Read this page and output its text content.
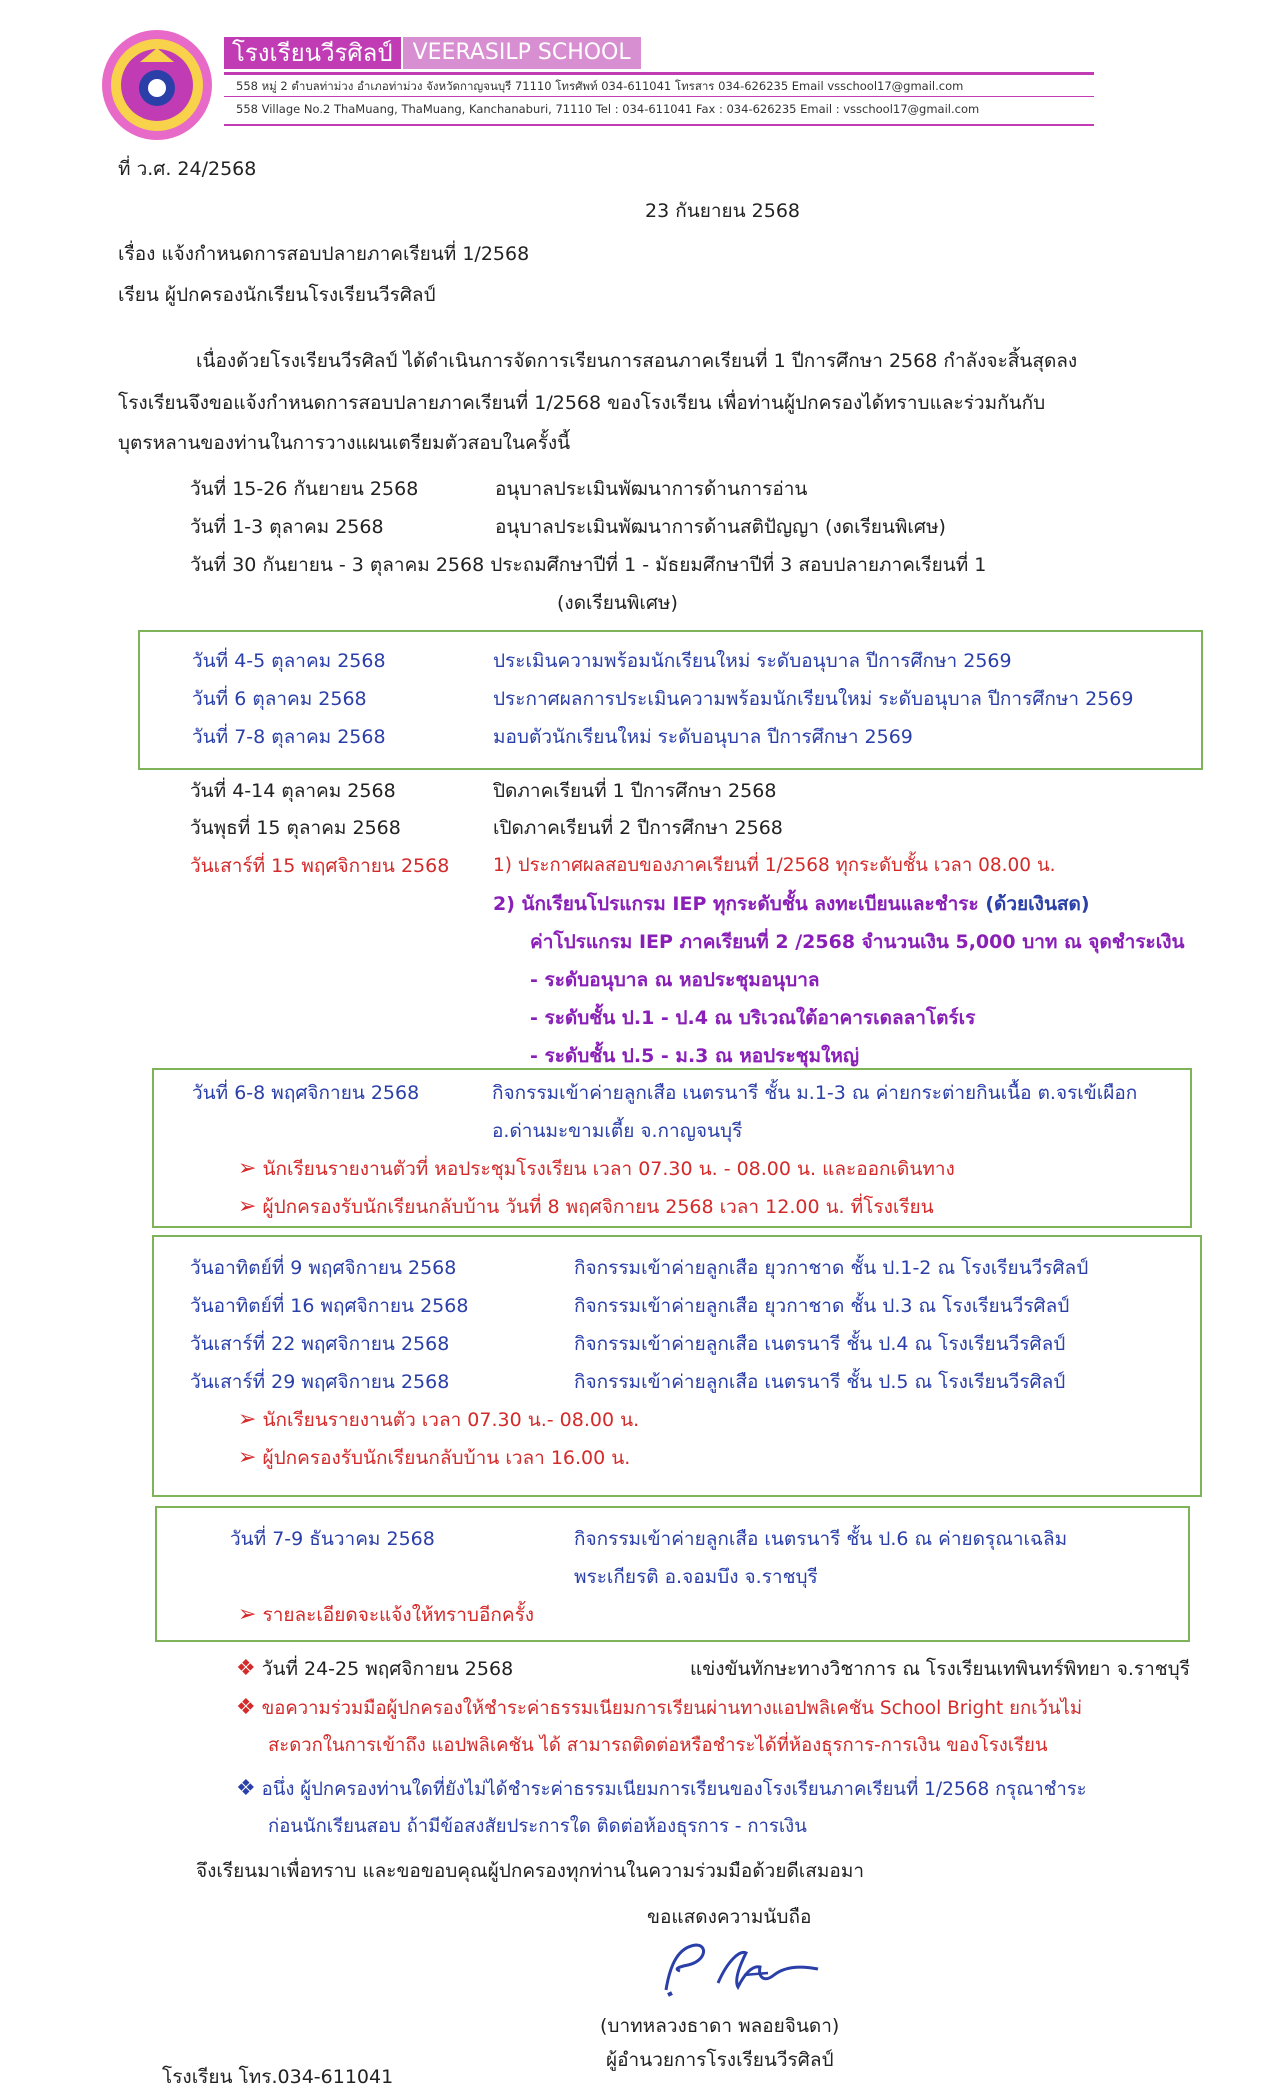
โรงเรียนวีรศิลป์ VEERASILP SCHOOL
558 หมู่ 2 ตำบลท่าม่วง อำเภอท่าม่วง จังหวัดกาญจนบุรี 71110 โทรศัพท์ 034-611041 โทรสาร 034-626235 Email vsschool17@gmail.com
558 Village No.2 ThaMuang, ThaMuang, Kanchanaburi, 71110 Tel : 034-611041 Fax : 034-626235 Email : vsschool17@gmail.com
ที่ ว.ศ. 24/2568
23 กันยายน 2568
เรื่อง แจ้งกำหนดการสอบปลายภาคเรียนที่ 1/2568
เรียน ผู้ปกครองนักเรียนโรงเรียนวีรศิลป์
เนื่องด้วยโรงเรียนวีรศิลป์ ได้ดำเนินการจัดการเรียนการสอนภาคเรียนที่ 1 ปีการศึกษา 2568 กำลังจะสิ้นสุดลง
โรงเรียนจึงขอแจ้งกำหนดการสอบปลายภาคเรียนที่ 1/2568 ของโรงเรียน เพื่อท่านผู้ปกครองได้ทราบและร่วมกันกับ
บุตรหลานของท่านในการวางแผนเตรียมตัวสอบในครั้งนี้
วันที่ 15-26 กันยายน 2568	อนุบาลประเมินพัฒนาการด้านการอ่าน
วันที่ 1-3 ตุลาคม 2568	อนุบาลประเมินพัฒนาการด้านสติปัญญา (งดเรียนพิเศษ)
วันที่ 30 กันยายน - 3 ตุลาคม 2568 ประถมศึกษาปีที่ 1 - มัธยมศึกษาปีที่ 3 สอบปลายภาคเรียนที่ 1
(งดเรียนพิเศษ)
วันที่ 4-5 ตุลาคม 2568	ประเมินความพร้อมนักเรียนใหม่ ระดับอนุบาล ปีการศึกษา 2569
วันที่ 6 ตุลาคม 2568	ประกาศผลการประเมินความพร้อมนักเรียนใหม่ ระดับอนุบาล ปีการศึกษา 2569
วันที่ 7-8 ตุลาคม 2568	มอบตัวนักเรียนใหม่ ระดับอนุบาล ปีการศึกษา 2569
วันที่ 4-14 ตุลาคม 2568	ปิดภาคเรียนที่ 1 ปีการศึกษา 2568
วันพุธที่ 15 ตุลาคม 2568	เปิดภาคเรียนที่ 2 ปีการศึกษา 2568
วันเสาร์ที่ 15 พฤศจิกายน 2568 1) ประกาศผลสอบของภาคเรียนที่ 1/2568 ทุกระดับชั้น เวลา 08.00 น.
2) นักเรียนโปรแกรม IEP ทุกระดับชั้น ลงทะเบียนและชำระ (ด้วยเงินสด)
ค่าโปรแกรม IEP ภาคเรียนที่ 2 /2568 จำนวนเงิน 5,000 บาท ณ จุดชำระเงิน
- ระดับอนุบาล ณ หอประชุมอนุบาล
- ระดับชั้น ป.1 - ป.4 ณ บริเวณใต้อาคารเดลลาโตร์เร
- ระดับชั้น ป.5 - ม.3 ณ หอประชุมใหญ่
วันที่ 6-8 พฤศจิกายน 2568	กิจกรรมเข้าค่ายลูกเสือ เนตรนารี ชั้น ม.1-3 ณ ค่ายกระต่ายกินเนื้อ ต.จรเข้เผือก
อ.ด่านมะขามเตี้ย จ.กาญจนบุรี
➢ นักเรียนรายงานตัวที่ หอประชุมโรงเรียน เวลา 07.30 น. - 08.00 น. และออกเดินทาง
➢ ผู้ปกครองรับนักเรียนกลับบ้าน วันที่ 8 พฤศจิกายน 2568 เวลา 12.00 น. ที่โรงเรียน
วันอาทิตย์ที่ 9 พฤศจิกายน 2568	กิจกรรมเข้าค่ายลูกเสือ ยุวกาชาด ชั้น ป.1-2 ณ โรงเรียนวีรศิลป์
วันอาทิตย์ที่ 16 พฤศจิกายน 2568	กิจกรรมเข้าค่ายลูกเสือ ยุวกาชาด ชั้น ป.3 ณ โรงเรียนวีรศิลป์
วันเสาร์ที่ 22 พฤศจิกายน 2568	กิจกรรมเข้าค่ายลูกเสือ เนตรนารี ชั้น ป.4 ณ โรงเรียนวีรศิลป์
วันเสาร์ที่ 29 พฤศจิกายน 2568	กิจกรรมเข้าค่ายลูกเสือ เนตรนารี ชั้น ป.5 ณ โรงเรียนวีรศิลป์
➢ นักเรียนรายงานตัว เวลา 07.30 น.- 08.00 น.
➢ ผู้ปกครองรับนักเรียนกลับบ้าน เวลา 16.00 น.
วันที่ 7-9 ธันวาคม 2568	กิจกรรมเข้าค่ายลูกเสือ เนตรนารี ชั้น ป.6 ณ ค่ายดรุณาเฉลิม
พระเกียรติ อ.จอมบึง จ.ราชบุรี
➢ รายละเอียดจะแจ้งให้ทราบอีกครั้ง
❖ วันที่ 24-25 พฤศจิกายน 2568	แข่งขันทักษะทางวิชาการ ณ โรงเรียนเทพินทร์พิทยา จ.ราชบุรี
❖ ขอความร่วมมือผู้ปกครองให้ชำระค่าธรรมเนียมการเรียนผ่านทางแอปพลิเคชัน School Bright ยกเว้นไม่
สะดวกในการเข้าถึง แอปพลิเคชัน ได้ สามารถติดต่อหรือชำระได้ที่ห้องธุรการ-การเงิน ของโรงเรียน
❖ อนึ่ง ผู้ปกครองท่านใดที่ยังไม่ได้ชำระค่าธรรมเนียมการเรียนของโรงเรียนภาคเรียนที่ 1/2568 กรุณาชำระ
ก่อนนักเรียนสอบ ถ้ามีข้อสงสัยประการใด ติดต่อห้องธุรการ - การเงิน
จึงเรียนมาเพื่อทราบ และขอขอบคุณผู้ปกครองทุกท่านในความร่วมมือด้วยดีเสมอมา
ขอแสดงความนับถือ
(บาทหลวงธาดา พลอยจินดา)
ผู้อำนวยการโรงเรียนวีรศิลป์
โรงเรียน โทร.034-611041
